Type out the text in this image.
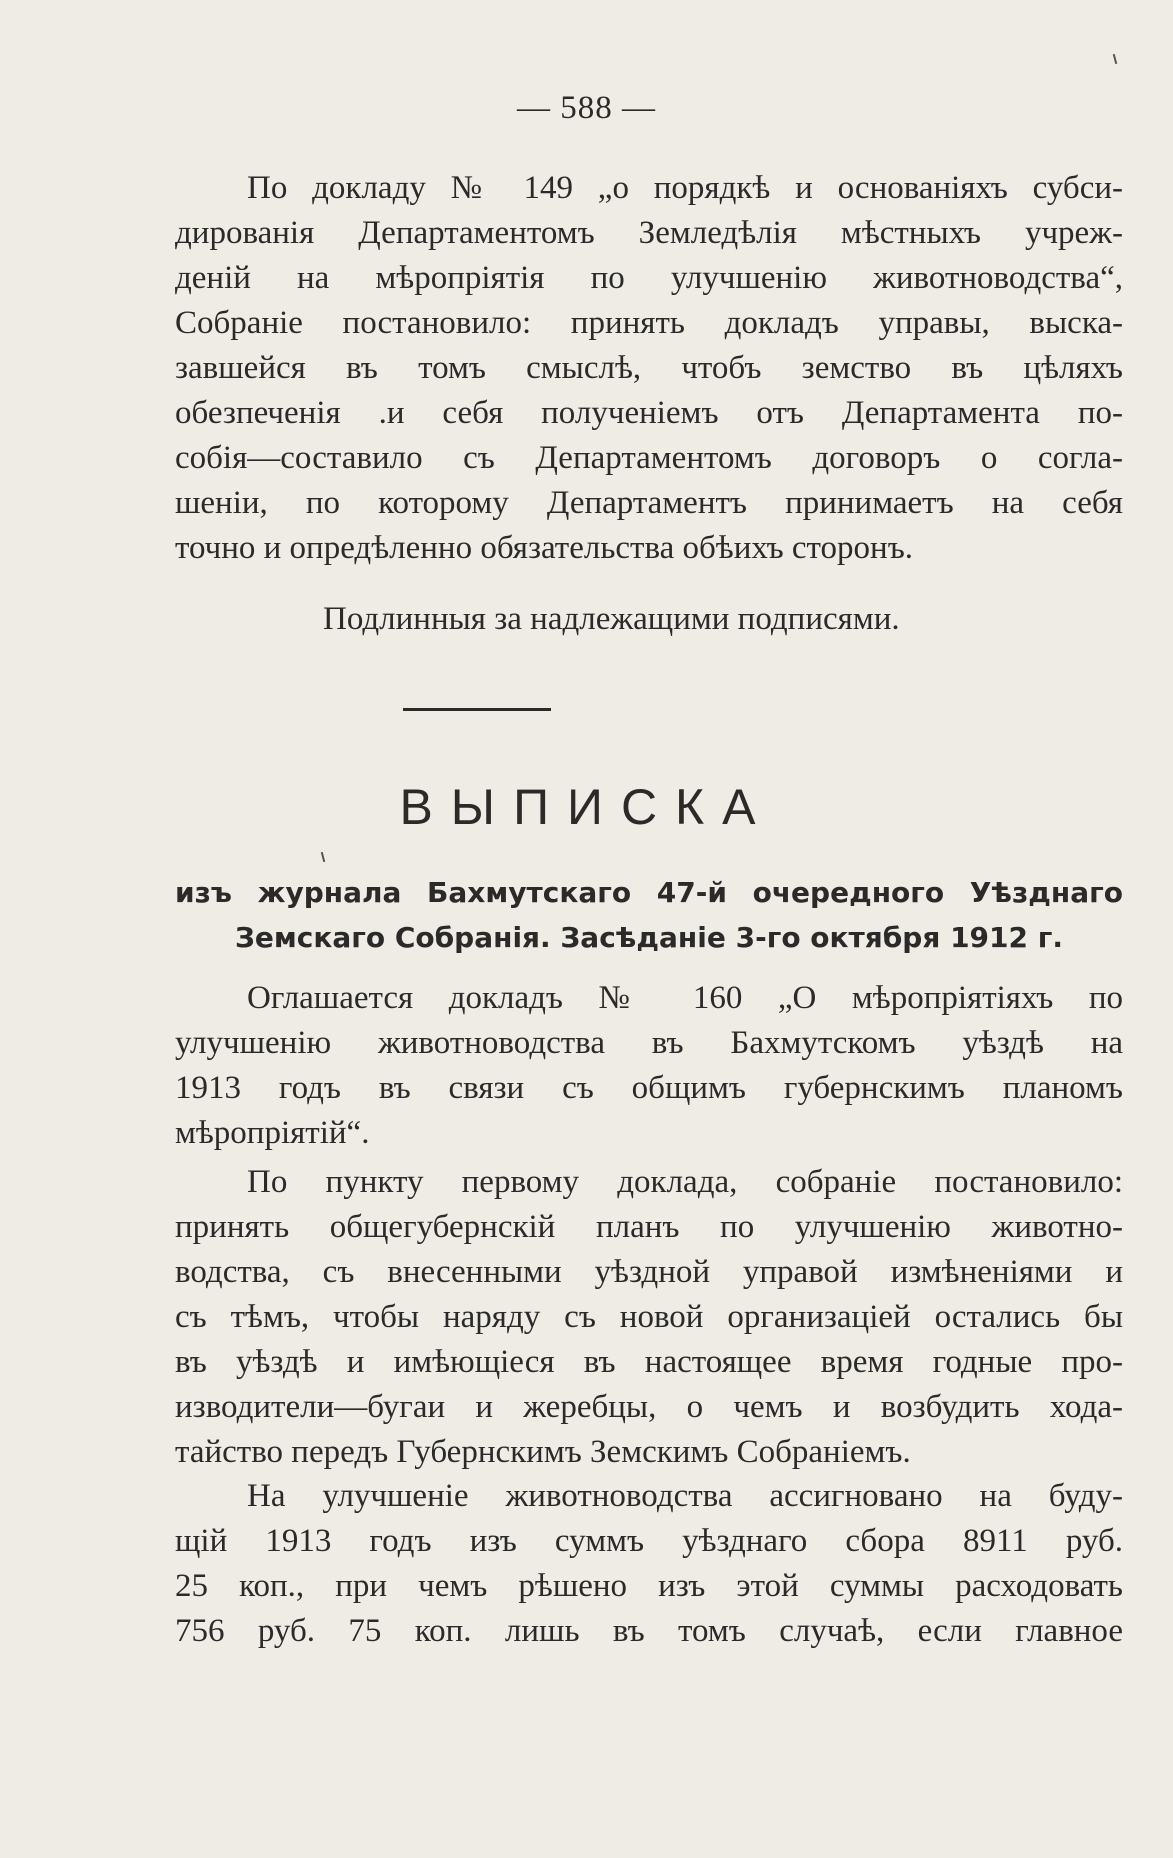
— 588 —
По докладу № 149 „о порядкѣ и основаніяхъ субси-
дированія Департаментомъ Земледѣлія мѣстныхъ учреж-
деній на мѣропріятія по улучшенію животноводства“,
Собраніе постановило: принять докладъ управы, выска-
завшейся въ томъ смыслѣ, чтобъ земство въ цѣляхъ
обезпеченія .и себя полученіемъ отъ Департамента по-
собія—составило съ Департаментомъ договоръ о согла-
шеніи, по которому Департаментъ принимаетъ на себя
точно и опредѣленно обязательства обѣихъ сторонъ.
Подлинныя за надлежащими подписями.
ВЫПИСКА
изъ журнала Бахмутскаго 47-й очередного Уѣзднаго
Земскаго Собранія. Засѣданіе 3-го октября 1912 г.
Оглашается докладъ № 160 „О мѣропріятіяхъ по
улучшенію животноводства въ Бахмутскомъ уѣздѣ на
1913 годъ въ связи съ общимъ губернскимъ планомъ
мѣропріятій“.
По пункту первому доклада, собраніе постановило:
принять общегубернскій планъ по улучшенію животно-
водства, съ внесенными уѣздной управой измѣненіями и
съ тѣмъ, чтобы наряду съ новой организаціей остались бы
въ уѣздѣ и имѣющіеся въ настоящее время годные про-
изводители—бугаи и жеребцы, о чемъ и возбудить хода-
тайство передъ Губернскимъ Земскимъ Собраніемъ.
На улучшеніе животноводства ассигновано на буду-
щій 1913 годъ изъ суммъ уѣзднаго сбора 8911 руб.
25 коп., при чемъ рѣшено изъ этой суммы расходовать
756 руб. 75 коп. лишь въ томъ случаѣ, если главное
